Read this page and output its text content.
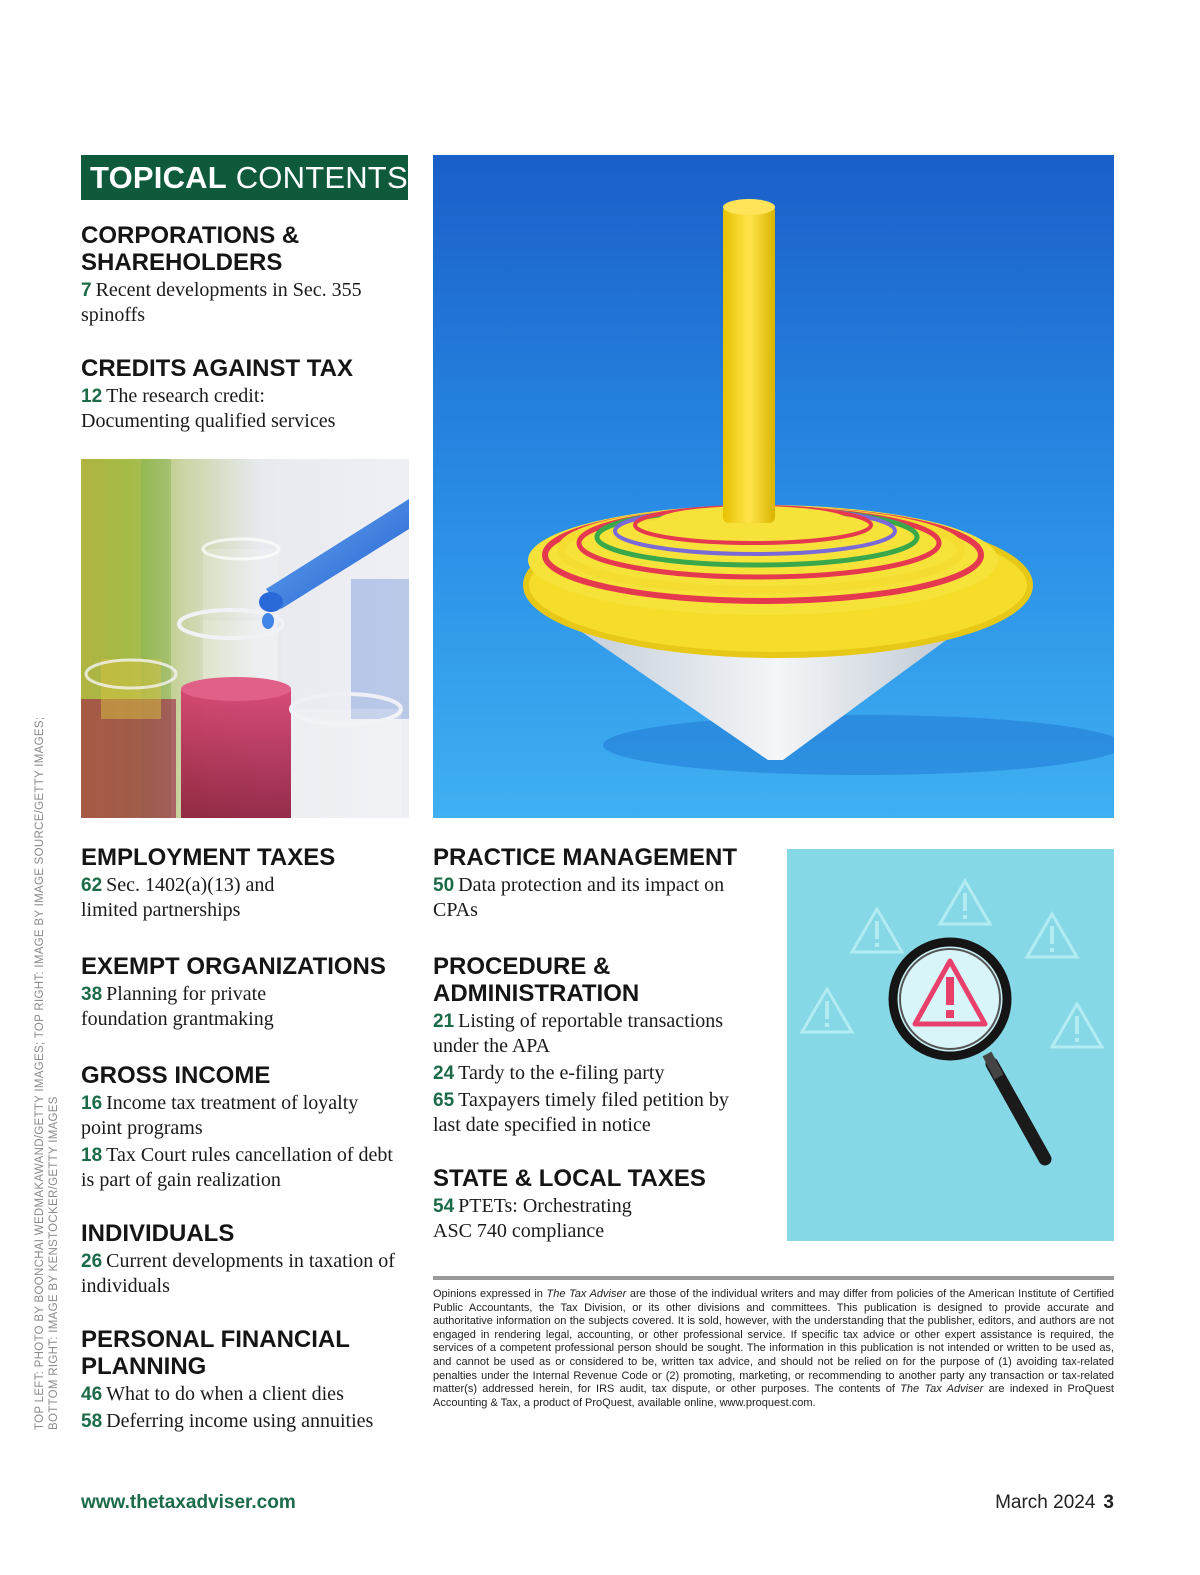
TOPICAL CONTENTS
CORPORATIONS & SHAREHOLDERS

7 Recent developments in Sec. 355 spinoffs

CREDITS AGAINST TAX

12 The research credit: Documenting qualified services

EMPLOYMENT TAXES

62 Sec. 1402(a)(13) and limited partnerships

EXEMPT ORGANIZATIONS

38 Planning for private foundation grantmaking

GROSS INCOME

16 Income tax treatment of loyalty point programs

18 Tax Court rules cancellation of debt is part of gain realization

INDIVIDUALS

26 Current developments in taxation of individuals

PERSONAL FINANCIAL PLANNING

46 What to do when a client dies

58 Deferring income using annuities

PRACTICE MANAGEMENT

50 Data protection and its impact on CPAs

PROCEDURE & ADMINISTRATION

21 Listing of reportable transactions under the APA

24 Tardy to the e-filing party

65 Taxpayers timely filed petition by last date specified in notice

STATE & LOCAL TAXES

54 PTETs: Orchestrating ASC 740 compliance

Opinions expressed in The Tax Adviser are those of the individual writers and may differ from policies of the American Institute of Certified Public Accountants, the Tax Division, or its other divisions and committees. This publication is designed to provide accurate and authoritative information on the subjects covered. It is sold, however, with the understanding that the publisher, editors, and authors are not engaged in rendering legal, accounting, or other professional service. If specific tax advice or other expert assistance is required, the services of a competent professional person should be sought. The information in this publication is not intended or written to be used as, and cannot be used as or considered to be, written tax advice, and should not be relied on for the purpose of (1) avoiding tax-related penalties under the Internal Revenue Code or (2) promoting, marketing, or recommending to another party any transaction or tax-related matter(s) addressed herein, for IRS audit, tax dispute, or other purposes. The contents of The Tax Adviser are indexed in ProQuest Accounting & Tax, a product of ProQuest, available online, www.proquest.com.
TOP LEFT: PHOTO BY BOONCHAI WEDMAKAWAND/GETTY IMAGES; TOP RIGHT: IMAGE BY IMAGE SOURCE/GETTY IMAGES; BOTTOM RIGHT: IMAGE BY KENSTOCKER/GETTY IMAGES
www.thetaxadviser.com	March 2024 3
